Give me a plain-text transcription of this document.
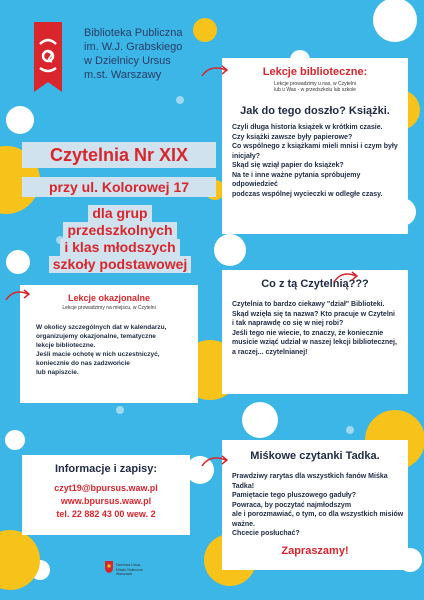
~
Biblioteka Publiczna
im. W.J. Grabskiego
w Dzielnicy Ursus
m.st. Warszawy
Czytelnia Nr XIX
przy ul. Kolorowej 17
dla grup
przedszkolnych
i klas młodszych
szkoły podstawowej
Lekcje biblioteczne:
Lekcje prowadzimy u nas, w Czytelni
lub u Was - w przedszkolu lub szkole
Jak do tego doszło? Książki.
Czyli długa historia książek w krótkim czasie.
Czy książki zawsze były papierowe?
Co wspólnego z książkami mieli mnisi i czym były
inicjały?
Skąd się wziął papier do książek?
Na te i inne ważne pytania spróbujemy odpowiedzieć
podczas wspólnej wycieczki w odległe czasy.
Co z tą Czytelnią???
Czytelnia to bardzo ciekawy "dział" Biblioteki.
Skąd wzięła się ta nazwa? Kto pracuje w Czytelni
i tak naprawdę co się w niej robi?
Jeśli tego nie wiecie, to znaczy, że koniecznie
musicie wziąć udział w naszej lekcji bibliotecznej,
a raczej... czytelnianej!
Lekcje okazjonalne
Lekcje prowadzimy na miejscu, w Czytelni
W okolicy szczególnych dat w kalendarzu,
organizujemy okazjonalne, tematyczne
lekcje biblioteczne.
Jeśli macie ochotę w nich uczestniczyć,
koniecznie do nas zadzwońcie
lub napiszcie.
Informacje i zapisy:
czyt19@bpursus.waw.pl
www.bpursus.waw.pl
tel. 22 882 43 00 wew. 2
Miśkowe czytanki Tadka.
Prawdziwy rarytas dla wszystkich fanów Miśka
Tadka!
Pamiętacie tego pluszowego gaduły?
Powraca, by poczytać najmłodszym
ale i porozmawiać, o tym, co dla wszystkich misiów
ważne.
Chcecie posłuchać?
Zapraszamy!
Dzielnica Ursus
Miasto Stołeczne
Warszawa
